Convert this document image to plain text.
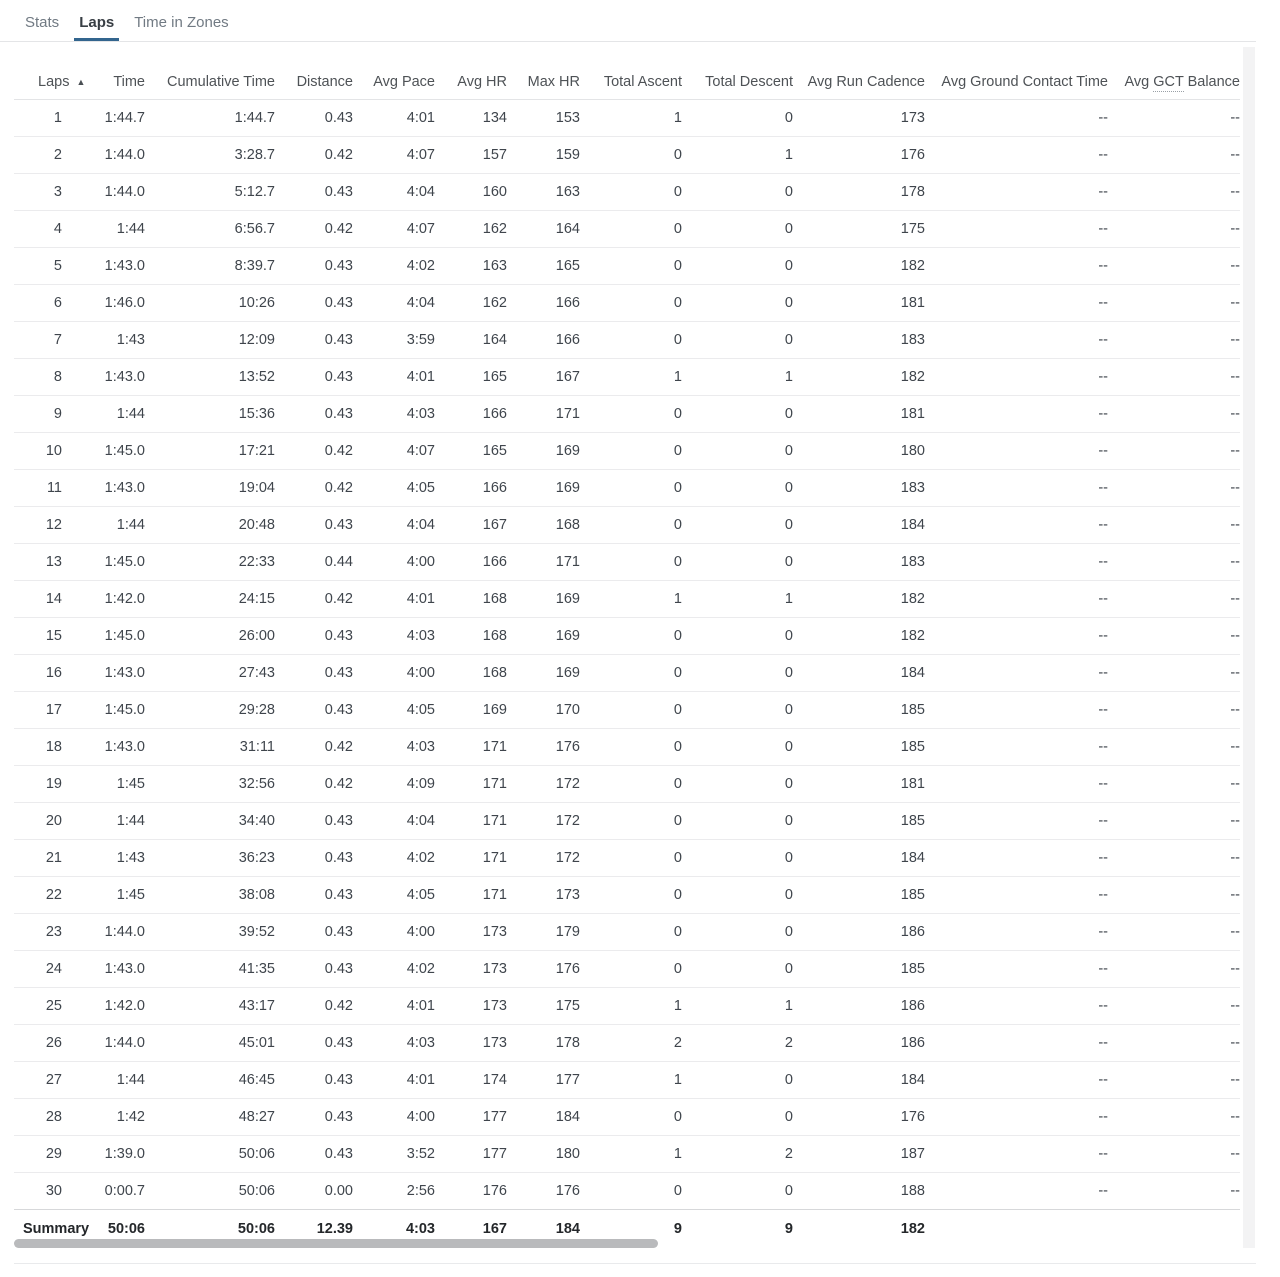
Stats	Laps	Time in Zones
Laps ▲	Time	Cumulative Time	Distance	Avg Pace	Avg HR	Max HR	Total Ascent	Total Descent	Avg Run Cadence	Avg Ground Contact Time	Avg GCT Balance
1	1:44.7	1:44.7	0.43	4:01	134	153	1	0	173	--	--
2	1:44.0	3:28.7	0.42	4:07	157	159	0	1	176	--	--
3	1:44.0	5:12.7	0.43	4:04	160	163	0	0	178	--	--
4	1:44	6:56.7	0.42	4:07	162	164	0	0	175	--	--
5	1:43.0	8:39.7	0.43	4:02	163	165	0	0	182	--	--
6	1:46.0	10:26	0.43	4:04	162	166	0	0	181	--	--
7	1:43	12:09	0.43	3:59	164	166	0	0	183	--	--
8	1:43.0	13:52	0.43	4:01	165	167	1	1	182	--	--
9	1:44	15:36	0.43	4:03	166	171	0	0	181	--	--
10	1:45.0	17:21	0.42	4:07	165	169	0	0	180	--	--
11	1:43.0	19:04	0.42	4:05	166	169	0	0	183	--	--
12	1:44	20:48	0.43	4:04	167	168	0	0	184	--	--
13	1:45.0	22:33	0.44	4:00	166	171	0	0	183	--	--
14	1:42.0	24:15	0.42	4:01	168	169	1	1	182	--	--
15	1:45.0	26:00	0.43	4:03	168	169	0	0	182	--	--
16	1:43.0	27:43	0.43	4:00	168	169	0	0	184	--	--
17	1:45.0	29:28	0.43	4:05	169	170	0	0	185	--	--
18	1:43.0	31:11	0.42	4:03	171	176	0	0	185	--	--
19	1:45	32:56	0.42	4:09	171	172	0	0	181	--	--
20	1:44	34:40	0.43	4:04	171	172	0	0	185	--	--
21	1:43	36:23	0.43	4:02	171	172	0	0	184	--	--
22	1:45	38:08	0.43	4:05	171	173	0	0	185	--	--
23	1:44.0	39:52	0.43	4:00	173	179	0	0	186	--	--
24	1:43.0	41:35	0.43	4:02	173	176	0	0	185	--	--
25	1:42.0	43:17	0.42	4:01	173	175	1	1	186	--	--
26	1:44.0	45:01	0.43	4:03	173	178	2	2	186	--	--
27	1:44	46:45	0.43	4:01	174	177	1	0	184	--	--
28	1:42	48:27	0.43	4:00	177	184	0	0	176	--	--
29	1:39.0	50:06	0.43	3:52	177	180	1	2	187	--	--
30	0:00.7	50:06	0.00	2:56	176	176	0	0	188	--	--
Summary	50:06	50:06	12.39	4:03	167	184	9	9	182		
